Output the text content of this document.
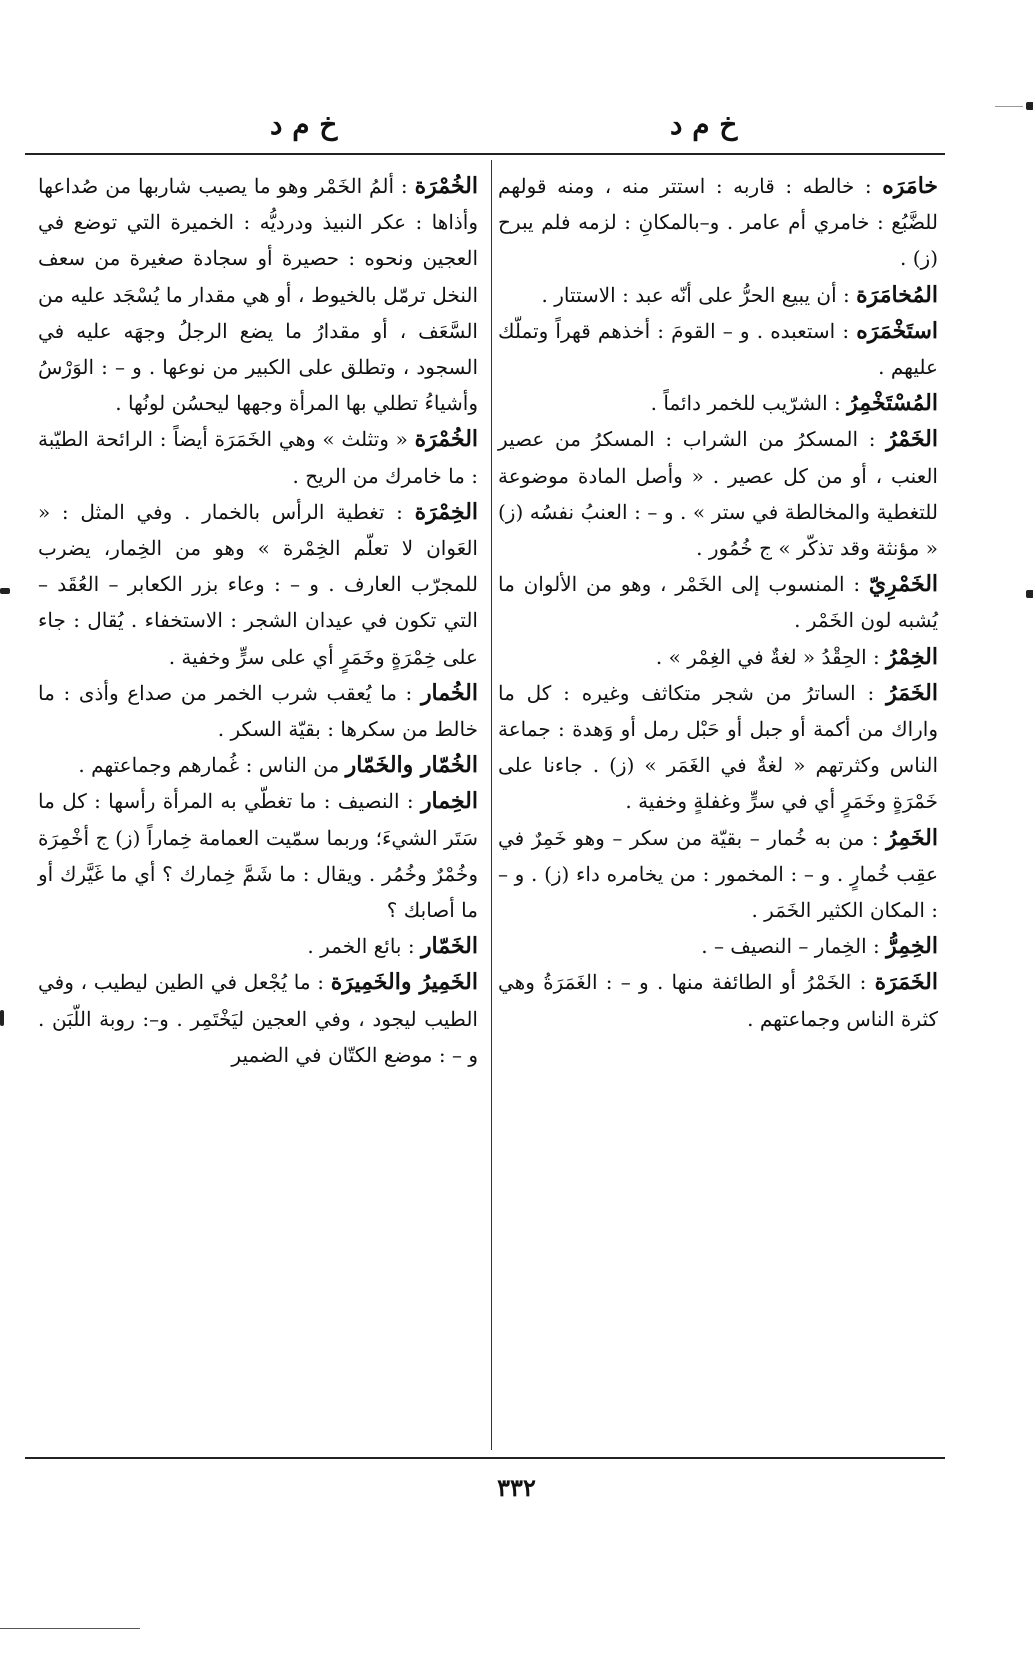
خ م د
خ م د

خامَرَه : خالطه : قاربه : استتر منه ، ومنه قولهم للضَّبُع : خامري أم عامر . و–بالمكانِ : لزمه فلم يبرح (ز) .

المُخامَرَة : أن يبيع الحرُّ على أنّه عبد : الاستتار .

استَخْمَرَه : استعبده . و – القومَ : أخذهم قهراً وتملّك عليهم .

المُسْتَخْمِرُ : الشرّيب للخمر دائماً .

الخَمْرُ : المسكرُ من الشراب : المسكرُ من عصير العنب ، أو من كل عصير . « وأصل المادة موضوعة للتغطية والمخالطة في ستر » . و – : العنبُ نفسُه (ز) « مؤنثة وقد تذكّر » ج خُمُور .

الخَمْرِيّ : المنسوب إلى الخَمْر ، وهو من الألوان ما يُشبه لون الخَمْر .

الخِمْرُ : الحِقْدُ « لغةٌ في الغِمْر » .

الخَمَرُ : الساترُ من شجر متكاثف وغيره : كل ما واراك من أكمة أو جبل أو حَبْل رمل أو وَهدة : جماعة الناس وكثرتهم « لغةٌ في الغَمَر » (ز) . جاءنا على خَمْرَةٍ وخَمَرٍ أي في سرٍّ وغفلةٍ وخفية .

الخَمِرُ : من به خُمار – بقيّة من سكر – وهو خَمِرٌ في عقِب خُمارٍ . و – : المخمور : من يخامره داء (ز) . و – : المكان الكثير الخَمَر .

الخِمِرُّ : الخِمار – النصيف – .

الخَمَرَة : الخَمْرُ أو الطائفة منها . و – : الغَمَرَةُ وهي كثرة الناس وجماعتهم .

الخُمْرَة : ألمُ الخَمْر وهو ما يصيب شاربها من صُداعها وأذاها : عكر النبيذ ودرديُّه : الخميرة التي توضع في العجين ونحوه : حصيرة أو سجادة صغيرة من سعف النخل ترمّل بالخيوط ، أو هي مقدار ما يُسْجَد عليه من السَّعَف ، أو مقدارُ ما يضع الرجلُ وجهَه عليه في السجود ، وتطلق على الكبير من نوعها . و – : الوَرْسُ وأشياءُ تطلي بها المرأة وجهها ليحسُن لونُها .

الخُمْرَة « وتثلث » وهي الخَمَرَة أيضاً : الرائحة الطيّبة : ما خامرك من الريح .

الخِمْرَة : تغطية الرأس بالخمار . وفي المثل : « العَوان لا تعلّم الخِمْرة » وهو من الخِمار، يضرب للمجرّب العارف . و – : وعاء بزر الكعابر – العُقَد – التي تكون في عيدان الشجر : الاستخفاء . يُقال : جاء على خِمْرَةٍ وخَمَرٍ أي على سرٍّ وخفية .

الخُمار : ما يُعقب شرب الخمر من صداع وأذى : ما خالط من سكرها : بقيّة السكر .

الخُمّار والخَمّار من الناس : غُمارهم وجماعتهم .

الخِمار : النصيف : ما تغطّي به المرأة رأسها : كل ما سَتَر الشيءَ؛ وربما سمّيت العمامة خِماراً (ز) ج أخْمِرَة وخُمْرٌ وخُمُر . ويقال : ما شَمَّ خِمارك ؟ أي ما غَيَّرك أو ما أصابك ؟

الخَمّار : بائع الخمر .

الخَمِيرُ والخَمِيرَة : ما يُجْعل في الطين ليطيب ، وفي الطيب ليجود ، وفي العجين ليَخْتَمِر . و–: روبة اللّبَن . و – : موضع الكتّان في الضمير

٣٣٢
